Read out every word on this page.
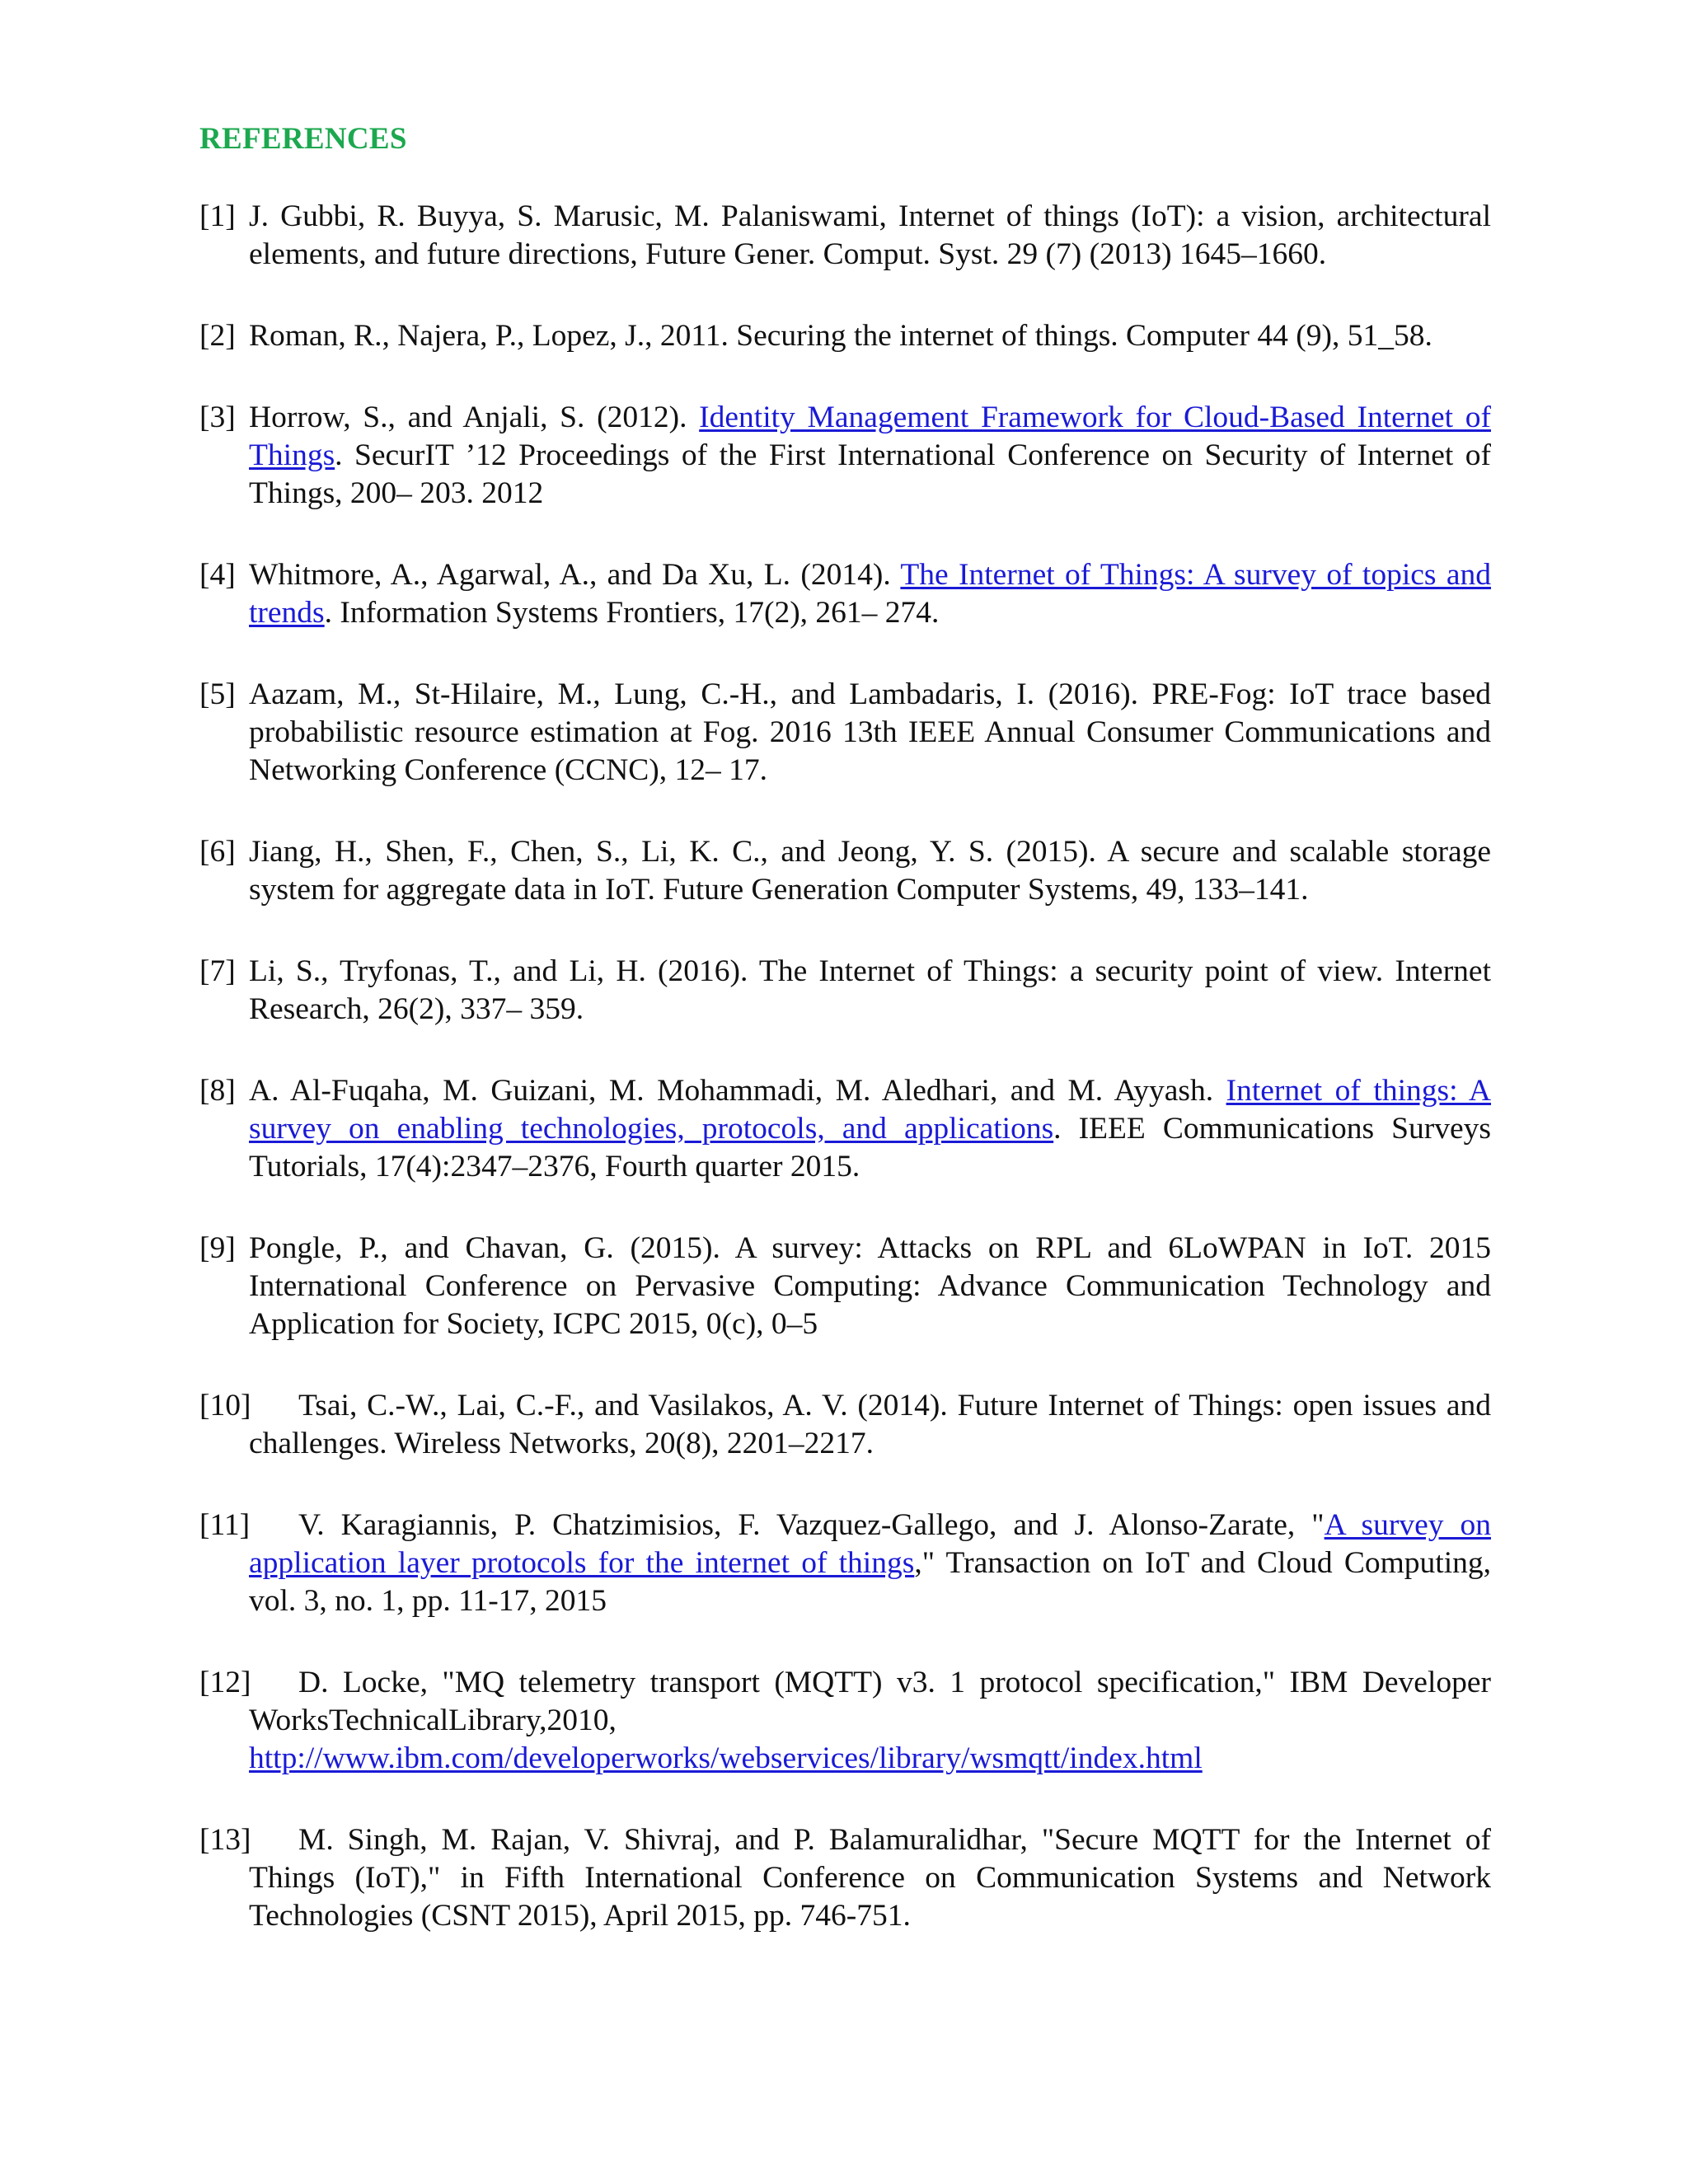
REFERENCES
[1] J. Gubbi, R. Buyya, S. Marusic, M. Palaniswami, Internet of things (IoT): a vision, architectural elements, and future directions, Future Gener. Comput. Syst. 29 (7) (2013) 1645–1660.
[2] Roman, R., Najera, P., Lopez, J., 2011. Securing the internet of things. Computer 44 (9), 51_58.
[3] Horrow, S., and Anjali, S. (2012). Identity Management Framework for Cloud-Based Internet of Things. SecurIT ’12 Proceedings of the First International Conference on Security of Internet of Things, 200– 203. 2012
[4] Whitmore, A., Agarwal, A., and Da Xu, L. (2014). The Internet of Things: A survey of topics and trends. Information Systems Frontiers, 17(2), 261– 274.
[5] Aazam, M., St-Hilaire, M., Lung, C.-H., and Lambadaris, I. (2016). PRE-Fog: IoT trace based probabilistic resource estimation at Fog. 2016 13th IEEE Annual Consumer Communications and Networking Conference (CCNC), 12– 17.
[6] Jiang, H., Shen, F., Chen, S., Li, K. C., and Jeong, Y. S. (2015). A secure and scalable storage system for aggregate data in IoT. Future Generation Computer Systems, 49, 133–141.
[7] Li, S., Tryfonas, T., and Li, H. (2016). The Internet of Things: a security point of view. Internet Research, 26(2), 337– 359.
[8] A. Al-Fuqaha, M. Guizani, M. Mohammadi, M. Aledhari, and M. Ayyash. Internet of things: A survey on enabling technologies, protocols, and applications. IEEE Communications Surveys Tutorials, 17(4):2347–2376, Fourth quarter 2015.
[9] Pongle, P., and Chavan, G. (2015). A survey: Attacks on RPL and 6LoWPAN in IoT. 2015 International Conference on Pervasive Computing: Advance Communication Technology and Application for Society, ICPC 2015, 0(c), 0–5
[10] Tsai, C.-W., Lai, C.-F., and Vasilakos, A. V. (2014). Future Internet of Things: open issues and challenges. Wireless Networks, 20(8), 2201–2217.
[11] V. Karagiannis, P. Chatzimisios, F. Vazquez-Gallego, and J. Alonso-Zarate, "A survey on application layer protocols for the internet of things," Transaction on IoT and Cloud Computing, vol. 3, no. 1, pp. 11-17, 2015
[12] D. Locke, "MQ telemetry transport (MQTT) v3. 1 protocol specification," IBM Developer WorksTechnicalLibrary,2010, http://www.ibm.com/developerworks/webservices/library/wsmqtt/index.html
[13] M. Singh, M. Rajan, V. Shivraj, and P. Balamuralidhar, "Secure MQTT for the Internet of Things (IoT)," in Fifth International Conference on Communication Systems and Network Technologies (CSNT 2015), April 2015, pp. 746-751.
